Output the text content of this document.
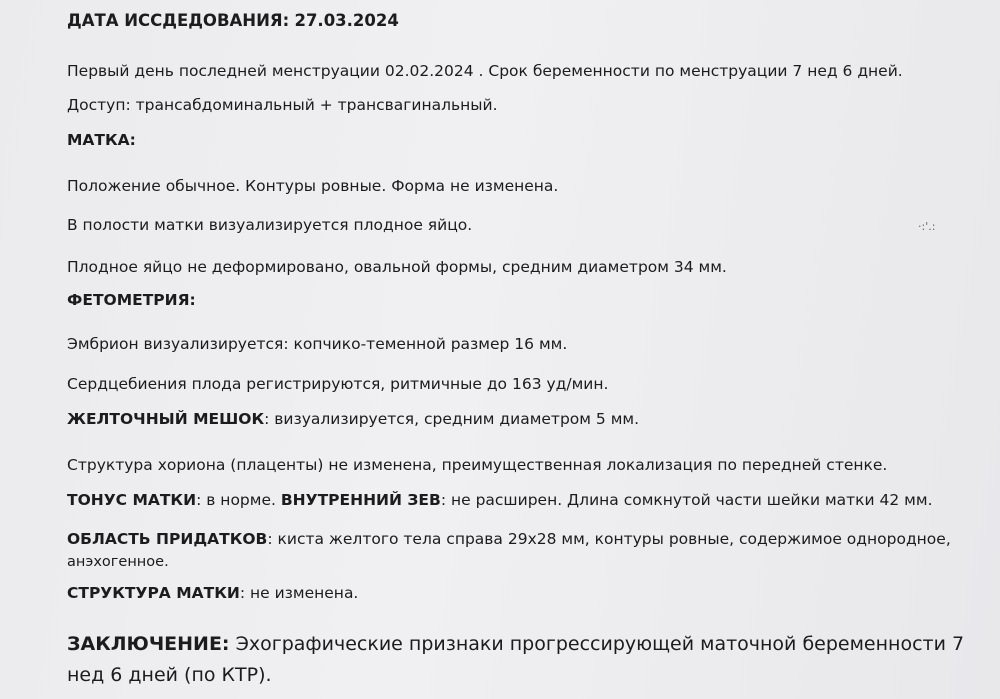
ДАТА ИССДЕДОВАНИЯ: 27.03.2024
Первый день последней менструации 02.02.2024 . Срок беременности по менструации 7 нед 6 дней.
Доступ: трансабдоминальный + трансвагинальный.
МАТКА:
Положение обычное. Контуры ровные. Форма не изменена.
В полости матки визуализируется плодное яйцо.	·:'.:
Плодное яйцо не деформировано, овальной формы, средним диаметром 34 мм.
ФЕТОМЕТРИЯ:
Эмбрион визуализируется: копчико-теменной размер 16 мм.
Сердцебиения плода регистрируются, ритмичные до 163 уд/мин.
ЖЕЛТОЧНЫЙ МЕШОК: визуализируется, средним диаметром 5 мм.
Структура хориона (плаценты) не изменена, преимущественная локализация по передней стенке.
ТОНУС МАТКИ: в норме. ВНУТРЕННИЙ ЗЕВ: не расширен. Длина сомкнутой части шейки матки 42 мм.
ОБЛАСТЬ ПРИДАТКОВ: киста желтого тела справа 29х28 мм, контуры ровные, содержимое однородное,
анэхогенное.
СТРУКТУРА МАТКИ: не изменена.
ЗАКЛЮЧЕНИЕ: Эхографические признаки прогрессирующей маточной беременности 7
нед 6 дней (по КТР).
